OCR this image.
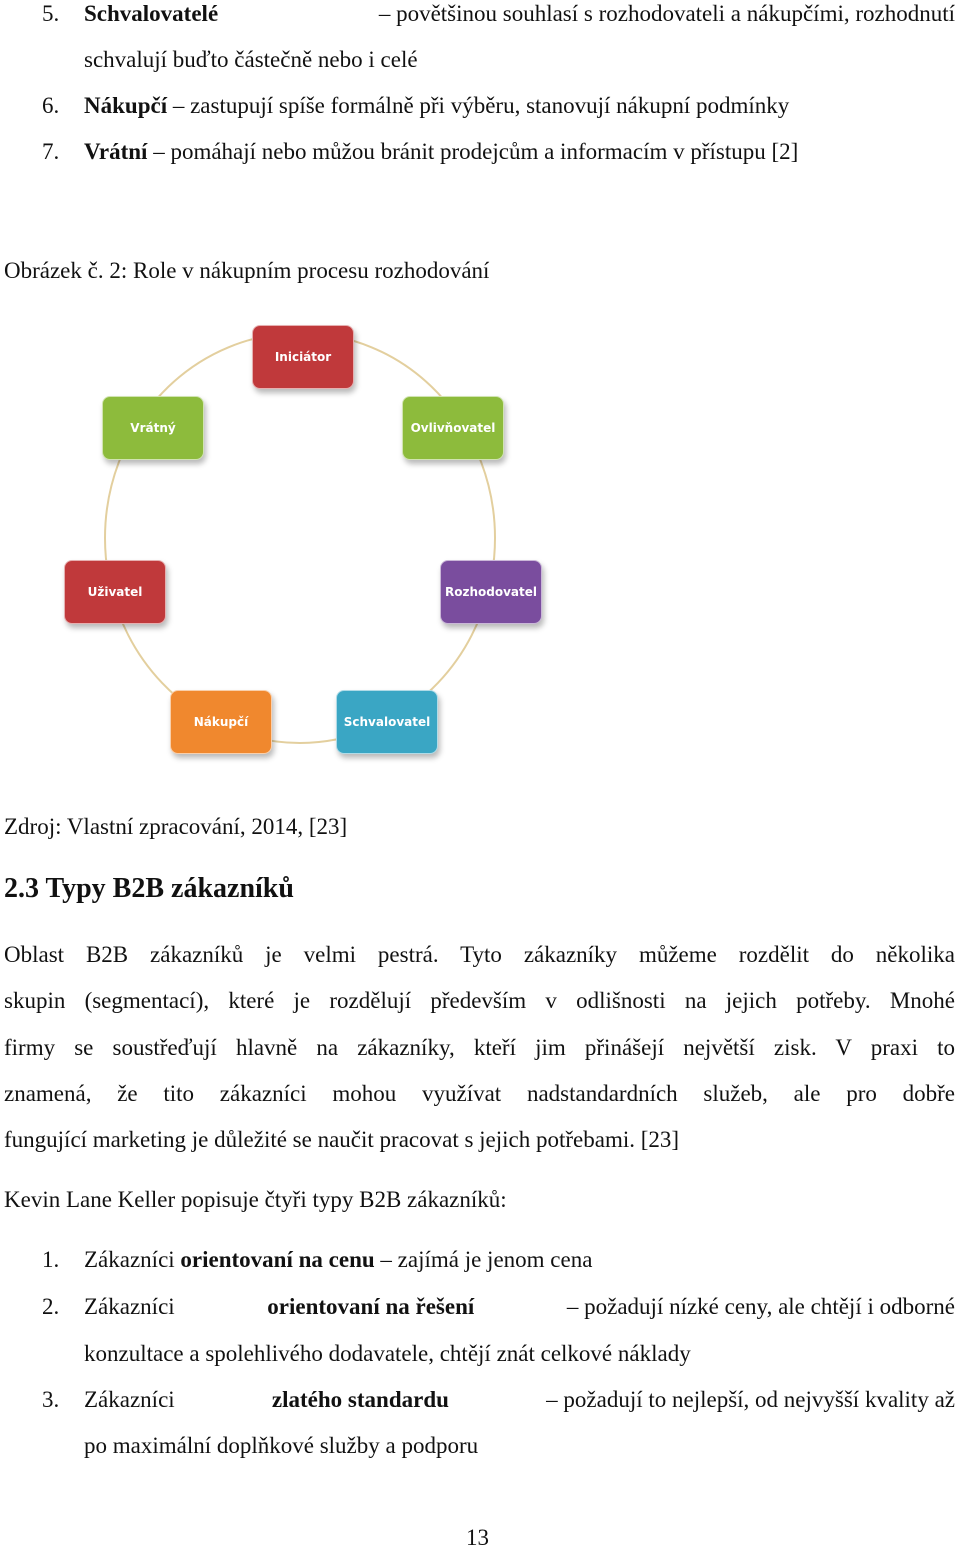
5. Schvalovatelé	– povětšinou souhlasí s rozhodovateli a nákupčími, rozhodnutí
schvalují buďto částečně nebo i celé
6. Nákupčí – zastupují spíše formálně při výběru, stanovují nákupní podmínky
7. Vrátní – pomáhají nebo můžou bránit prodejcům a informacím v přístupu [2]
Obrázek č. 2: Role v nákupním procesu rozhodování
Iniciátor
Ovlivňovatel
Rozhodovatel
Schvalovatel
Nákupčí
Uživatel
Vrátný
Zdroj: Vlastní zpracování, 2014, [23]
2.3 Typy B2B zákazníků
Oblast B2B zákazníků je velmi pestrá. Tyto zákazníky můžeme rozdělit do několika
skupin (segmentací), které je rozdělují především v odlišnosti na jejich potřeby. Mnohé
firmy se soustřeďují hlavně na zákazníky, kteří jim přinášejí největší zisk. V praxi to
znamená, že tito zákazníci mohou využívat nadstandardních služeb, ale pro dobře
fungující marketing je důležité se naučit pracovat s jejich potřebami. [23]
Kevin Lane Keller popisuje čtyři typy B2B zákazníků:
1. Zákazníci orientovaní na cenu – zajímá je jenom cena
2. Zákazníci	orientovaní na řešení	– požadují nízké ceny, ale chtějí i odborné
konzultace a spolehlivého dodavatele, chtějí znát celkové náklady
3. Zákazníci	zlatého standardu	– požadují to nejlepší, od nejvyšší kvality až
po maximální doplňkové služby a podporu
13
